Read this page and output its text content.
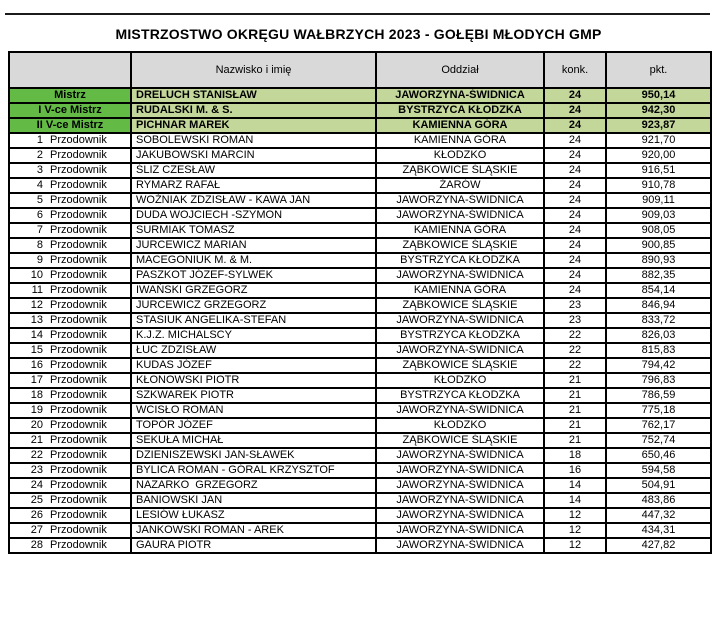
MISTRZOSTWO OKRĘGU WAŁBRZYCH 2023 - GOŁĘBI MŁODYCH GMP
	Nazwisko i imię	Oddział	konk.	pkt.
Mistrz	DRELUCH STANISŁAW	JAWORZYNA-ŚWIDNICA	24	950,14
I V-ce Mistrz	RUDALSKI M. & S.	BYSTRZYCA KŁODZKA	24	942,30
II V-ce Mistrz	PICHNAR MAREK	KAMIENNA GÓRA	24	923,87
1 Przodownik	SOBOLEWSKI ROMAN	KAMIENNA GÓRA	24	921,70
2 Przodownik	JAKUBOWSKI MARCIN	KŁODZKO	24	920,00
3 Przodownik	ŚLIZ CZESŁAW	ZĄBKOWICE ŚLĄSKIE	24	916,51
4 Przodownik	RYMARZ RAFAŁ	ŻARÓW	24	910,78
5 Przodownik	WOŹNIAK ZDZISŁAW - KAWA JAN	JAWORZYNA-ŚWIDNICA	24	909,11
6 Przodownik	DUDA WOJCIECH -SZYMON	JAWORZYNA-ŚWIDNICA	24	909,03
7 Przodownik	SURMIAK TOMASZ	KAMIENNA GÓRA	24	908,05
8 Przodownik	JURCEWICZ MARIAN	ZĄBKOWICE ŚLĄSKIE	24	900,85
9 Przodownik	MACEGONIUK M. & M.	BYSTRZYCA KŁODZKA	24	890,93
10 Przodownik	PASZKOT JÓZEF-SYLWEK	JAWORZYNA-ŚWIDNICA	24	882,35
11 Przodownik	IWAŃSKI GRZEGORZ	KAMIENNA GÓRA	24	854,14
12 Przodownik	JURCEWICZ GRZEGORZ	ZĄBKOWICE ŚLĄSKIE	23	846,94
13 Przodownik	STASIUK ANGELIKA-STEFAN	JAWORZYNA-ŚWIDNICA	23	833,72
14 Przodownik	K.J.Z. MICHALSCY	BYSTRZYCA KŁODZKA	22	826,03
15 Przodownik	ŁUC ZDZISŁAW	JAWORZYNA-ŚWIDNICA	22	815,83
16 Przodownik	KUDAS JÓZEF	ZĄBKOWICE ŚLĄSKIE	22	794,42
17 Przodownik	KŁONOWSKI PIOTR	KŁODZKO	21	796,83
18 Przodownik	SZKWAREK PIOTR	BYSTRZYCA KŁODZKA	21	786,59
19 Przodownik	WCISŁO ROMAN	JAWORZYNA-ŚWIDNICA	21	775,18
20 Przodownik	TOPÓR JÓZEF	KŁODZKO	21	762,17
21 Przodownik	SEKUŁA MICHAŁ	ZĄBKOWICE ŚLĄSKIE	21	752,74
22 Przodownik	DZIENISZEWSKI JAN-SŁAWEK	JAWORZYNA-ŚWIDNICA	18	650,46
23 Przodownik	BYLICA ROMAN - GÓRAL KRZYSZTOF	JAWORZYNA-ŚWIDNICA	16	594,58
24 Przodownik	NAZARKO  GRZEGORZ	JAWORZYNA-ŚWIDNICA	14	504,91
25 Przodownik	BANIOWSKI JAN	JAWORZYNA-ŚWIDNICA	14	483,86
26 Przodownik	LESIÓW ŁUKASZ	JAWORZYNA-ŚWIDNICA	12	447,32
27 Przodownik	JANKOWSKI ROMAN - AREK	JAWORZYNA-ŚWIDNICA	12	434,31
28 Przodownik	GAURA PIOTR	JAWORZYNA-ŚWIDNICA	12	427,82
